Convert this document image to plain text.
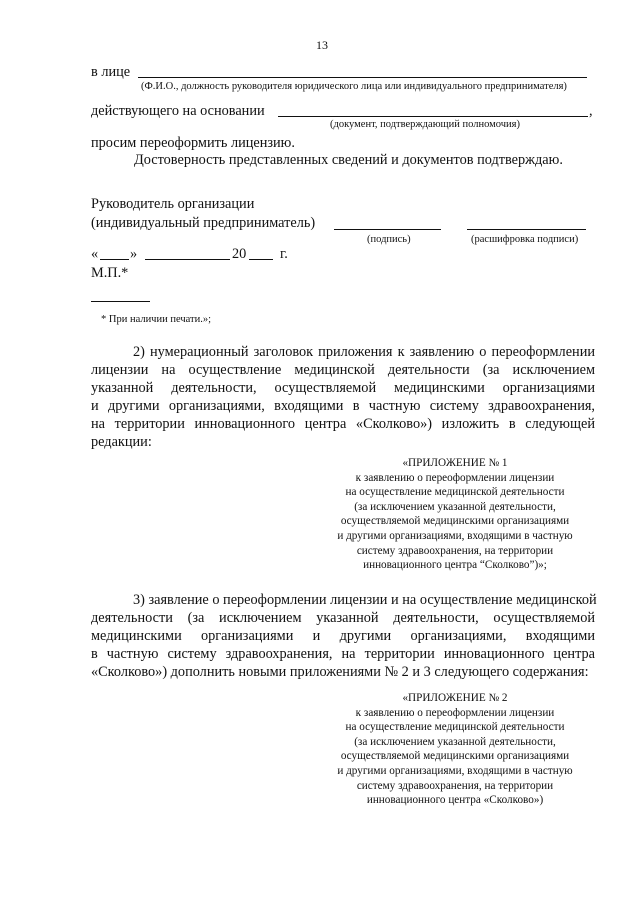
13
в лице
(Ф.И.О., должность руководителя юридического лица или индивидуального предпринимателя)
действующего на основании	,
(документ, подтверждающий полномочия)
просим переоформить лицензию.
Достоверность представленных сведений и документов подтверждаю.
Руководитель организации
(индивидуальный предприниматель)
(подпись)	(расшифровка подписи)
« »	20 г.
М.П.*
* При наличии печати.»;
2) нумерационный заголовок приложения к заявлению о переоформлении
лицензии на осуществление медицинской деятельности (за исключением
указанной деятельности, осуществляемой медицинскими организациями
и другими организациями, входящими в частную систему здравоохранения,
на территории инновационного центра «Сколково») изложить в следующей
редакции:
«ПРИЛОЖЕНИЕ № 1
к заявлению о переоформлении лицензии
на осуществление медицинской деятельности
(за исключением указанной деятельности,
осуществляемой медицинскими организациями
и другими организациями, входящими в частную
систему здравоохранения, на территории
инновационного центра “Сколково”)»;
3) заявление о переоформлении лицензии и на осуществление медицинской
деятельности (за исключением указанной деятельности, осуществляемой
медицинскими организациями и другими организациями, входящими
в частную систему здравоохранения, на территории инновационного центра
«Сколково») дополнить новыми приложениями № 2 и 3 следующего содержания:
«ПРИЛОЖЕНИЕ № 2
к заявлению о переоформлении лицензии
на осуществление медицинской деятельности
(за исключением указанной деятельности,
осуществляемой медицинскими организациями
и другими организациями, входящими в частную
систему здравоохранения, на территории
инновационного центра «Сколково»)
